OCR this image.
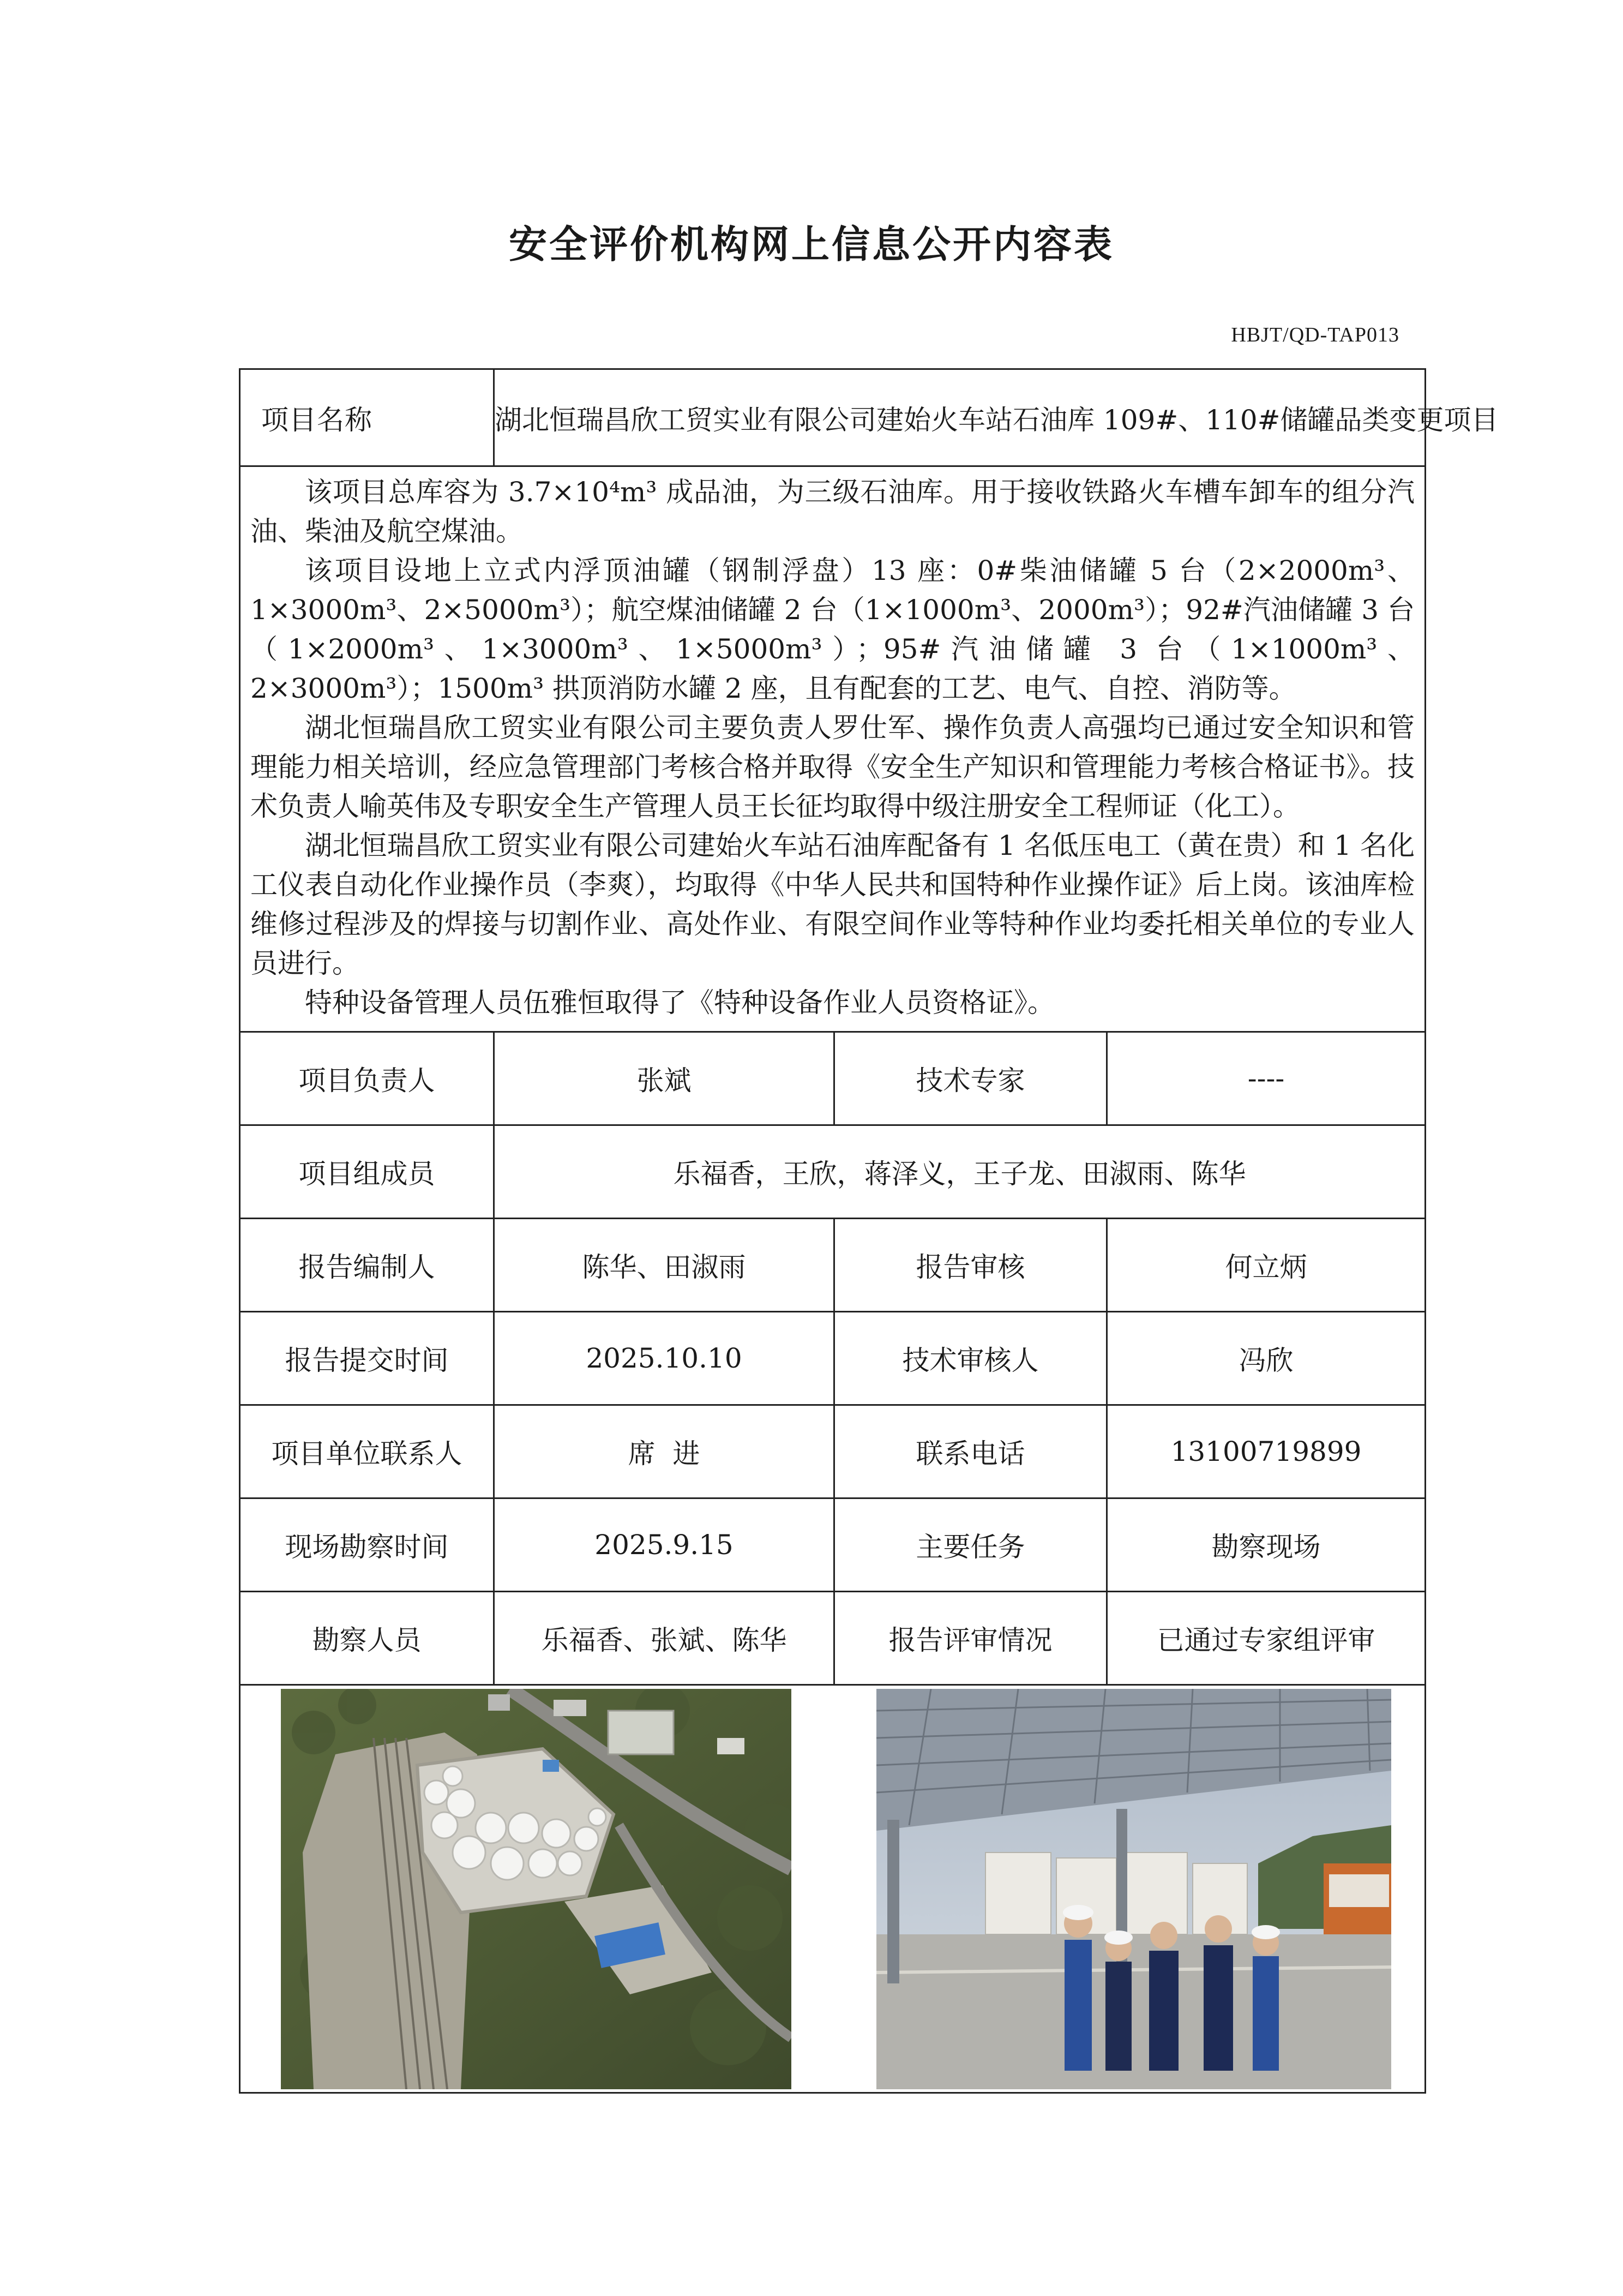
安全评价机构网上信息公开内容表
HBJT/QD-TAP013
项目名称	湖北恒瑞昌欣工贸实业有限公司建始火车站石油库 109#、110#储罐品类变更项目		

该项目总库容为 3.7×10⁴m³ 成品油，为三级石油库。用于接收铁路火车槽车卸车的组分汽油、柴油及航空煤油。

该项目设地上立式内浮顶油罐（钢制浮盘）13 座：0#柴油储罐 5 台（2×2000m³、1×3000m³、2×5000m³）；航空煤油储罐 2 台（1×1000m³、2000m³）；92#汽油储罐 3 台（1×2000m³、1×3000m³、1×5000m³）；95#汽油储罐 3 台（1×1000m³、2×3000m³）；1500m³ 拱顶消防水罐 2 座，且有配套的工艺、电气、自控、消防等。

湖北恒瑞昌欣工贸实业有限公司主要负责人罗仕军、操作负责人高强均已通过安全知识和管理能力相关培训，经应急管理部门考核合格并取得《安全生产知识和管理能力考核合格证书》。技术负责人喻英伟及专职安全生产管理人员王长征均取得中级注册安全工程师证（化工）。

湖北恒瑞昌欣工贸实业有限公司建始火车站石油库配备有 1 名低压电工（黄在贵）和 1 名化工仪表自动化作业操作员（李爽），均取得《中华人民共和国特种作业操作证》后上岗。该油库检维修过程涉及的焊接与切割作业、高处作业、有限空间作业等特种作业均委托相关单位的专业人员进行。

特种设备管理人员伍雅恒取得了《特种设备作业人员资格证》。			

项目负责人	张斌	技术专家	----
项目组成员	乐福香，王欣，蒋泽义，王子龙、田淑雨、陈华		
报告编制人	陈华、田淑雨	报告审核	何立炳
报告提交时间	2025.10.10	技术审核人	冯欣
项目单位联系人	席  进	联系电话	13100719899
现场勘察时间	2025.9.15	主要任务	勘察现场
勘察人员	乐福香、张斌、陈华	报告评审情况	已通过专家组评审
